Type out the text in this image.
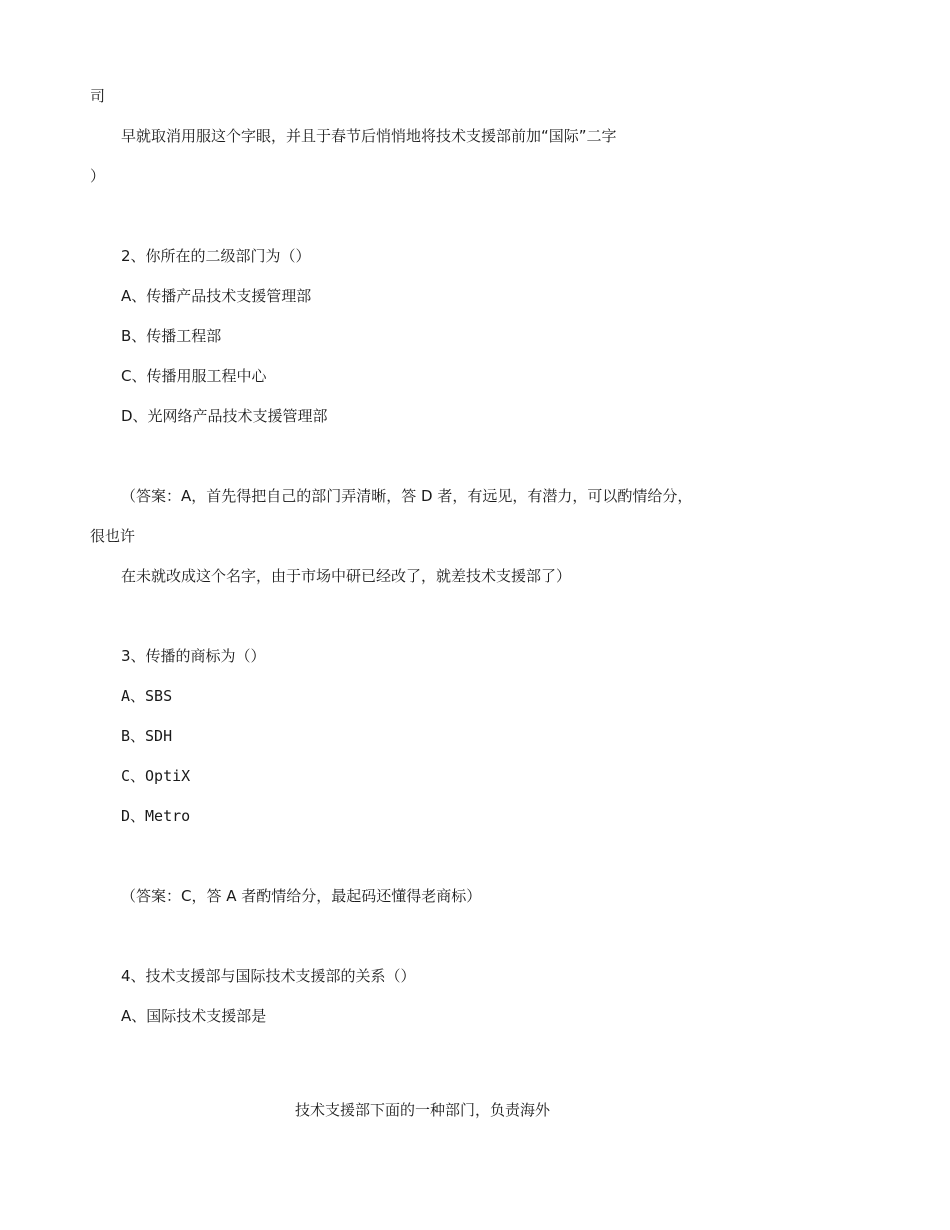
司
早就取消用服这个字眼，并且于春节后悄悄地将技术支援部前加“国际”二字
）
2、你所在的二级部门为（）
A、传播产品技术支援管理部
B、传播工程部
C、传播用服工程中心
D、光网络产品技术支援管理部
（答案：A，首先得把自己的部门弄清晰，答 D 者，有远见，有潜力，可以酌情给分，
很也许
在未就改成这个名字，由于市场中研已经改了，就差技术支援部了）
3、传播的商标为（）
A、SBS
B、SDH
C、OptiX
D、Metro
（答案：C，答 A 者酌情给分，最起码还懂得老商标）
4、技术支援部与国际技术支援部的关系（）
A、国际技术支援部是
技术支援部下面的一种部门，负责海外
